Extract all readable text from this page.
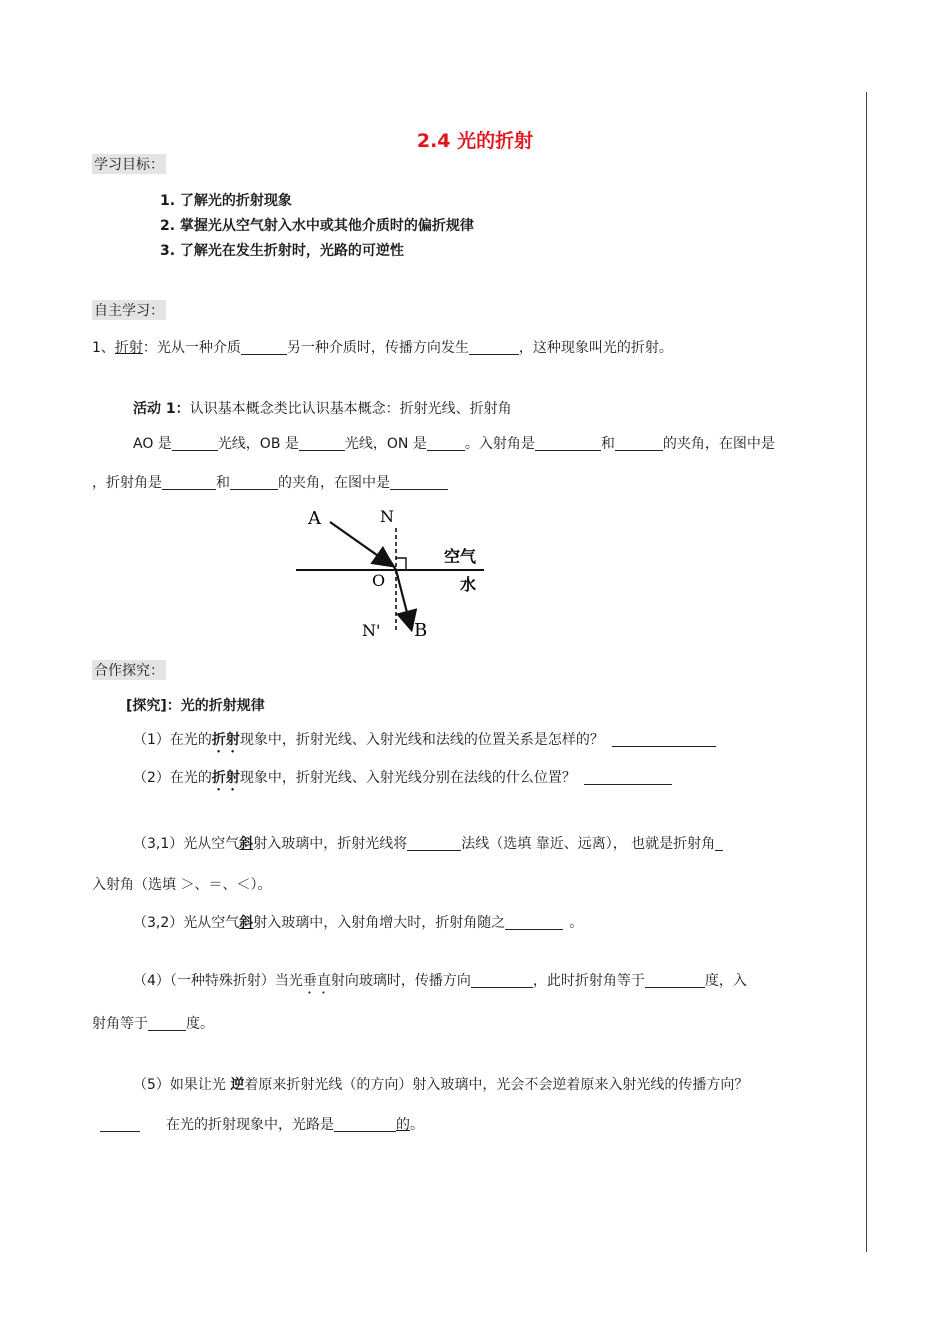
2.4 光的折射
学习目标：
1. 了解光的折射现象
2. 掌握光从空气射入水中或其他介质时的偏折规律
3. 了解光在发生折射时，光路的可逆性
自主学习：
1、折射：光从一种介质	另一种介质时，传播方向发生	，这种现象叫光的折射。
活动 1：认识基本概念类比认识基本概念：折射光线、折射角
AO 是	光线，OB 是	光线，ON 是	。入射角是	和	的夹角，在图中是
，折射角是	和	的夹角，在图中是
A	N
O
N' B
空气
水
合作探究：
[探究]：光的折射规律
（1）在光的折射现象中，折射光线、入射光线和法线的位置关系是怎样的？
（2）在光的折射现象中，折射光线、入射光线分别在法线的什么位置？
（3,1）光从空气斜射入玻璃中，折射光线将	法线（选填 靠近、远离）， 也就是折射角
入射角（选填 ＞、＝、＜）。
（3,2）光从空气斜射入玻璃中，入射角增大时，折射角随之	。
（4）（一种特殊折射）当光垂直射向玻璃时，传播方向	，此时折射角等于	度，入
射角等于	度。
（5）如果让光 逆着原来折射光线（的方向）射入玻璃中，光会不会逆着原来入射光线的传播方向？
在光的折射现象中，光路是	的。
